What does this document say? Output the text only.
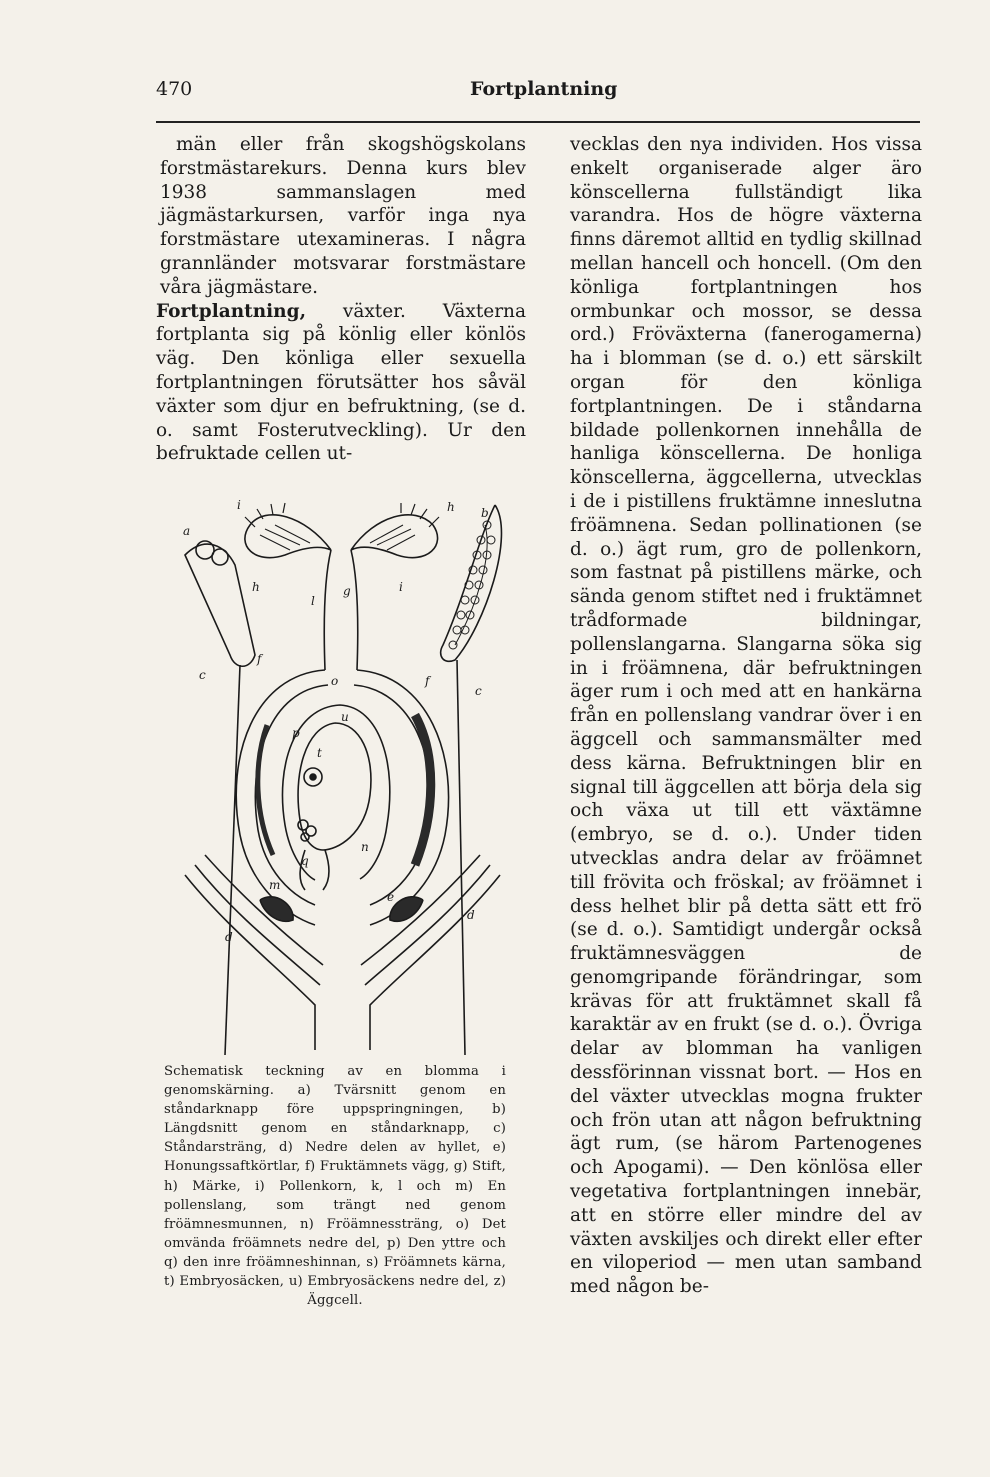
470	Fortplantning

män eller från skogshögskolans forstmästarekurs. Denna kurs blev 1938 sammanslagen med jägmästarkursen, varför inga nya forstmästare utexamineras. I några grannländer motsvarar forstmästare våra jägmästare.

Fortplantning, växter. Växterna fortplanta sig på könlig eller könlös väg. Den könliga eller sexuella fortplantningen förutsätter hos såväl växter som djur en befruktning, (se d. o. samt Fosterutveckling). Ur den befruktade cellen ut-

a
b
c
c
d
d
e
f
f
g
h
h
i
i
l
n
o
p
q
t
u
m

Schematisk teckning av en blomma i genomskärning. a) Tvärsnitt genom en ståndarknapp före uppspringningen, b) Längdsnitt genom en ståndarknapp, c) Ståndarsträng, d) Nedre delen av hyllet, e) Honungssaftkörtlar, f) Fruktämnets vägg, g) Stift, h) Märke, i) Pollenkorn, k, l och m) En pollenslang, som trängt ned genom fröämnesmunnen, n) Fröämnessträng, o) Det omvända fröämnets nedre del, p) Den yttre och q) den inre fröämneshinnan, s) Fröämnets kärna, t) Embryosäcken, u) Embryosäckens nedre del, z) Äggcell.

vecklas den nya individen. Hos vissa enkelt organiserade alger äro könscellerna fullständigt lika varandra. Hos de högre växterna finns däremot alltid en tydlig skillnad mellan hancell och honcell. (Om den könliga fortplantningen hos ormbunkar och mossor, se dessa ord.) Fröväxterna (fanerogamerna) ha i blomman (se d. o.) ett särskilt organ för den könliga fortplantningen. De i ståndarna bildade pollenkornen innehålla de hanliga könscellerna. De honliga könscellerna, äggcellerna, utvecklas i de i pistillens fruktämne inneslutna fröämnena. Sedan pollinationen (se d. o.) ägt rum, gro de pollenkorn, som fastnat på pistillens märke, och sända genom stiftet ned i fruktämnet trådformade bildningar, pollenslangarna. Slangarna söka sig in i fröämnena, där befruktningen äger rum i och med att en hankärna från en pollenslang vandrar över i en äggcell och sammansmälter med dess kärna. Befruktningen blir en signal till äggcellen att börja dela sig och växa ut till ett växtämne (embryo, se d. o.). Under tiden utvecklas andra delar av fröämnet till frövita och fröskal; av fröämnet i dess helhet blir på detta sätt ett frö (se d. o.). Samtidigt undergår också fruktämnesväggen de genomgripande förändringar, som krävas för att fruktämnet skall få karaktär av en frukt (se d. o.). Övriga delar av blomman ha vanligen dessförinnan vissnat bort. — Hos en del växter utvecklas mogna frukter och frön utan att någon befruktning ägt rum, (se härom Partenogenes och Apogami). — Den könlösa eller vegetativa fortplantningen innebär, att en större eller mindre del av växten avskiljes och direkt eller efter en viloperiod — men utan samband med någon be-
